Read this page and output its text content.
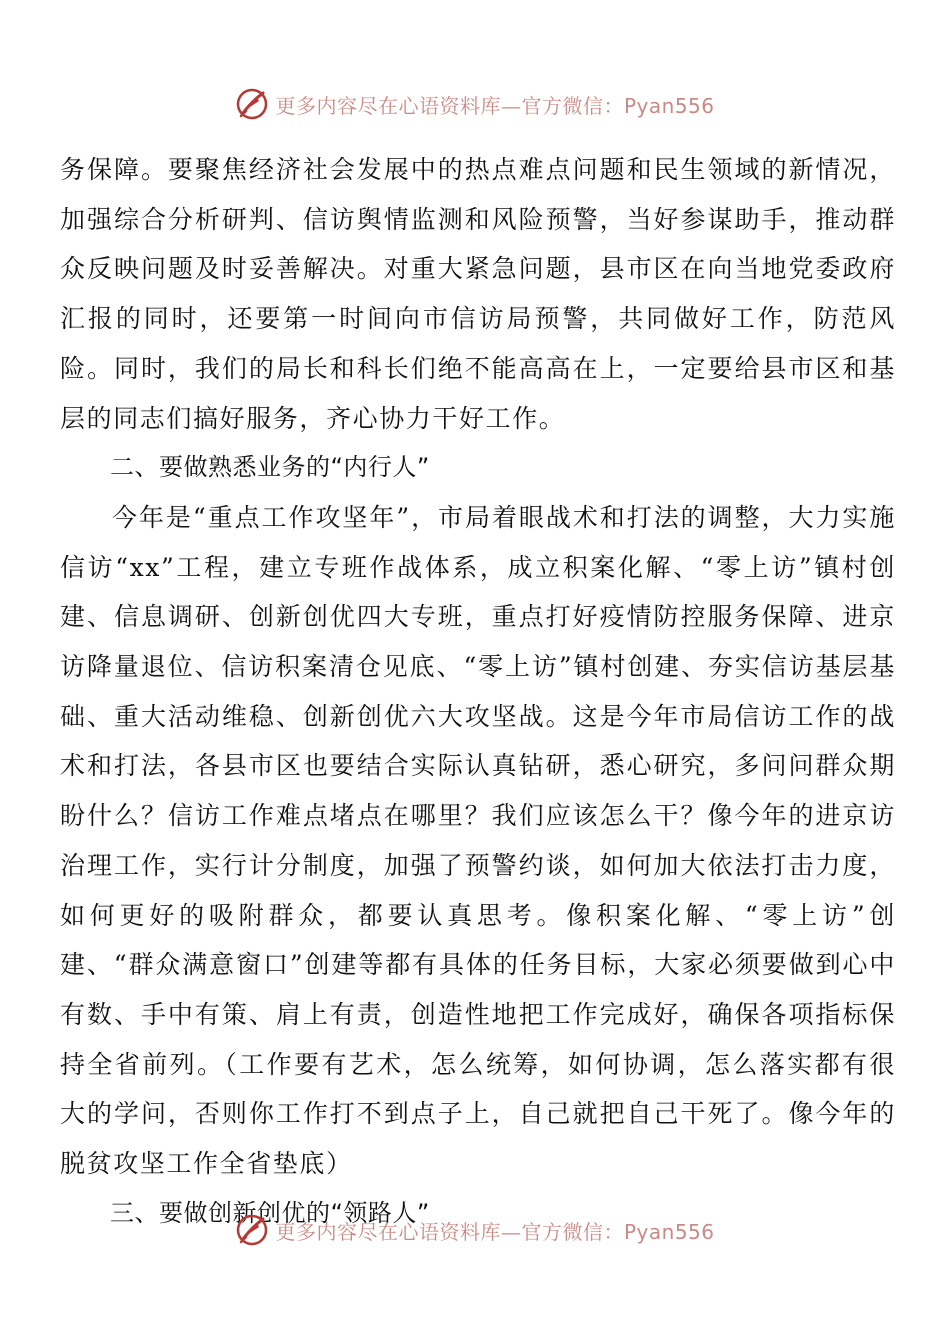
更多内容尽在心语资料库—官方微信：Pyan556

务保障。要聚焦经济社会发展中的热点难点问题和民生领域的新情况，加强综合分析研判、信访舆情监测和风险预警，当好参谋助手，推动群众反映问题及时妥善解决。对重大紧急问题，县市区在向当地党委政府汇报的同时，还要第一时间向市信访局预警，共同做好工作，防范风险。同时，我们的局长和科长们绝不能高高在上，一定要给县市区和基层的同志们搞好服务，齐心协力干好工作。

二、要做熟悉业务的“内行人”

今年是“重点工作攻坚年”，市局着眼战术和打法的调整，大力实施信访“xx”工程，建立专班作战体系，成立积案化解、“零上访”镇村创建、信息调研、创新创优四大专班，重点打好疫情防控服务保障、进京访降量退位、信访积案清仓见底、“零上访”镇村创建、夯实信访基层基础、重大活动维稳、创新创优六大攻坚战。这是今年市局信访工作的战术和打法，各县市区也要结合实际认真钻研，悉心研究，多问问群众期盼什么？信访工作难点堵点在哪里？我们应该怎么干？像今年的进京访治理工作，实行计分制度，加强了预警约谈，如何加大依法打击力度，如何更好的吸附群众，都要认真思考。像积案化解、“零上访”创建、“群众满意窗口”创建等都有具体的任务目标，大家必须要做到心中有数、手中有策、肩上有责，创造性地把工作完成好，确保各项指标保持全省前列。（工作要有艺术，怎么统筹，如何协调，怎么落实都有很大的学问，否则你工作打不到点子上，自己就把自己干死了。像今年的脱贫攻坚工作全省垫底）

三、要做创新创优的“领路人”

更多内容尽在心语资料库—官方微信：Pyan556
